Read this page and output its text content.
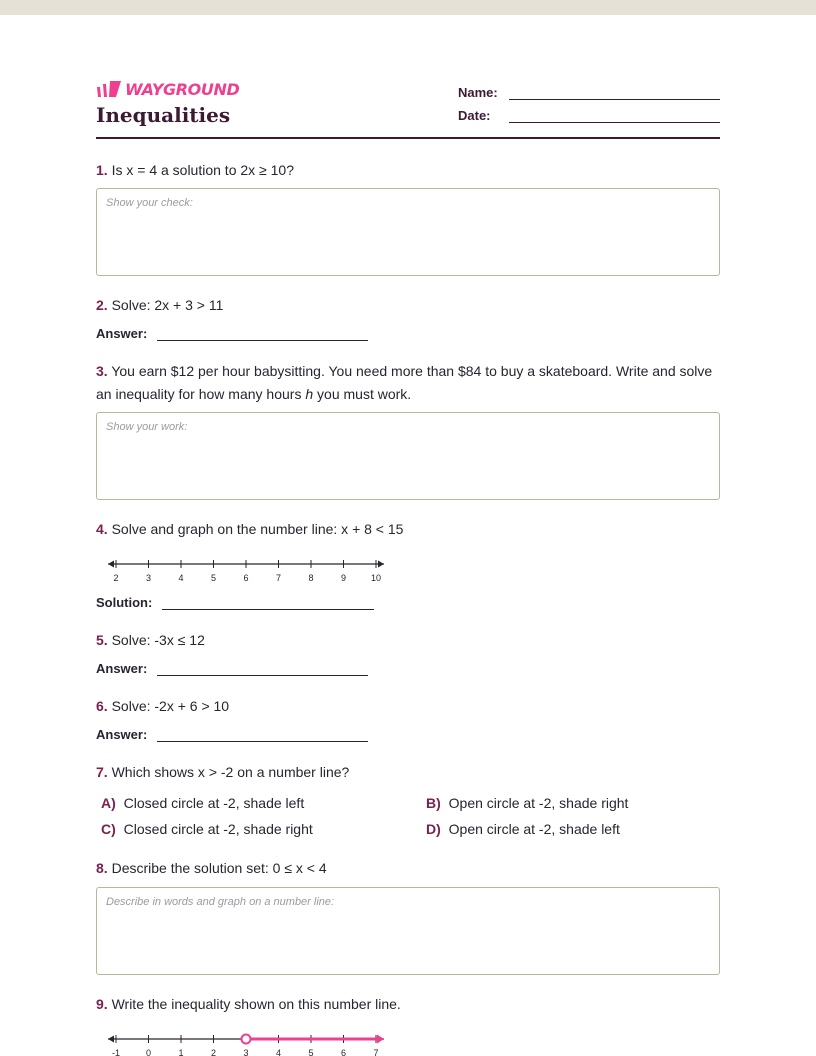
WAYGROUND
Inequalities
Name:
Date:
1. Is x = 4 a solution to 2x ≥ 10?
Show your check:
2. Solve: 2x + 3 > 11
Answer:
3. You earn $12 per hour babysitting. You need more than $84 to buy a skateboard. Write and solve an inequality for how many hours h you must work.
Show your work:
4. Solve and graph on the number line: x + 8 < 15
2	3	4	5	6	7	8	9	10
Solution:
5. Solve: -3x ≤ 12
Answer:
6. Solve: -2x + 6 > 10
Answer:
7. Which shows x > -2 on a number line?
A) Closed circle at -2, shade left	B) Open circle at -2, shade right
C) Closed circle at -2, shade right	D) Open circle at -2, shade left
8. Describe the solution set: 0 ≤ x < 4
Describe in words and graph on a number line:
9. Write the inequality shown on this number line.
-1	0	1	2	3	4	5	6	7
